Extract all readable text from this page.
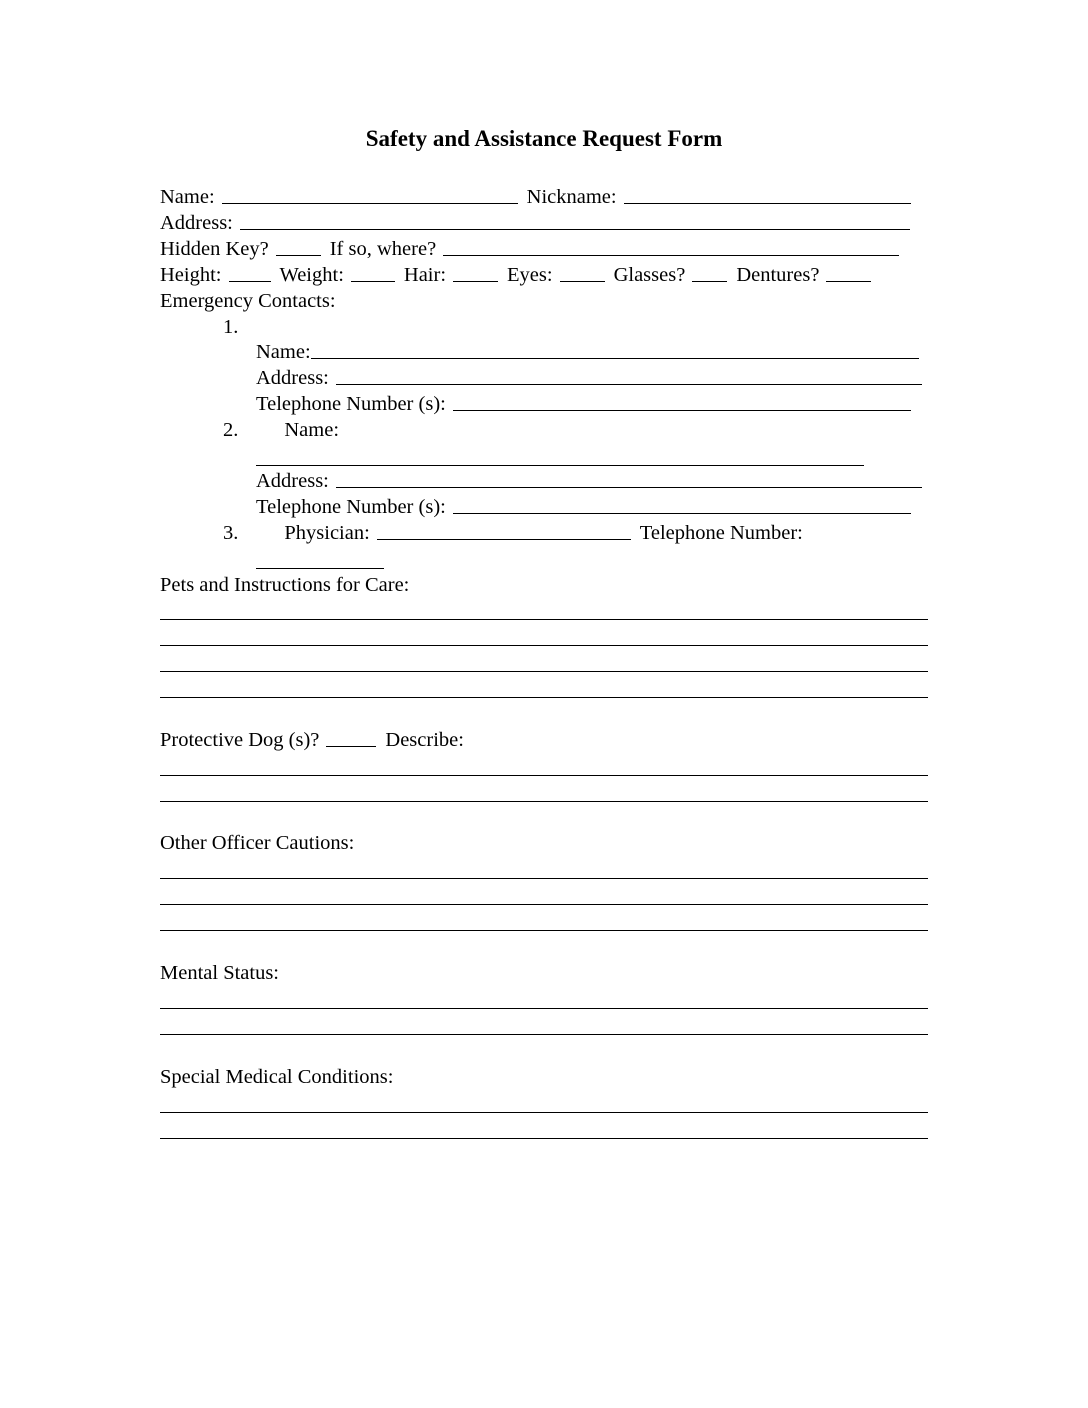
Safety and Assistance Request Form
Name:	Nickname:
Address:
Hidden Key?	If so, where?
Height:	Weight:	Hair:	Eyes:	Glasses?	Dentures?
Emergency Contacts:
1.
Name:
Address:
Telephone Number (s):
2.	Name:
Address:
Telephone Number (s):
3.	Physician:	Telephone Number:
Pets and Instructions for Care:
Protective Dog (s)?	Describe:
Other Officer Cautions:
Mental Status:
Special Medical Conditions:
